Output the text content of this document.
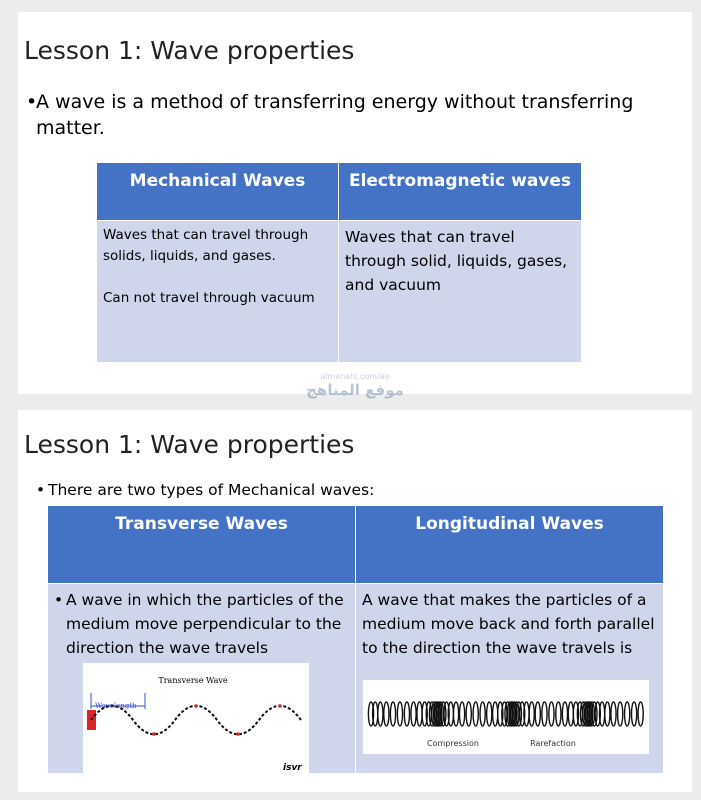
Lesson 1: Wave properties
•
A wave is a method of transferring energy without transferring matter.
Mechanical Waves	Electromagnetic waves

Waves that can travel through solids, liquids, and gases.
Can not travel through vacuum	Waves that can travel through solid, liquids, gases, and vacuum
almanahj.com/ae
موقع المناهج
Lesson 1: Wave properties
• There are two types of Mechanical waves:
Transverse Waves	Longitudinal Waves

• A wave in which the particles of the medium move perpendicular to the direction the wave travels	A wave that makes the particles of a medium move back and forth parallel to the direction the wave travels is
Transverse Wave
Wavelength
isvr
Compression	Rarefaction
